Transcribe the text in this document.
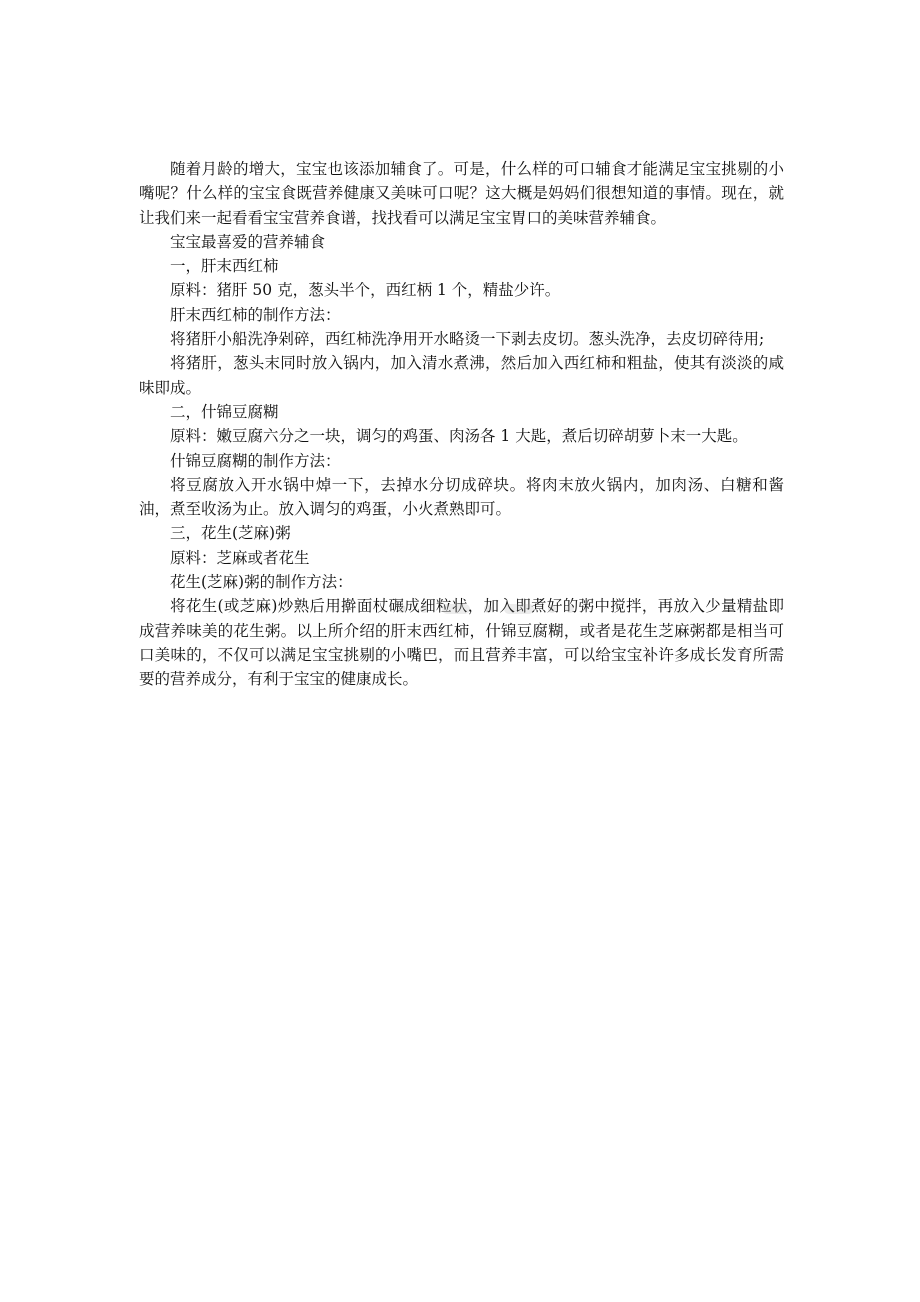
随着月龄的增大，宝宝也该添加辅食了。可是，什么样的可口辅食才能满足宝宝挑剔的小嘴呢？什么样的宝宝食既营养健康又美味可口呢？这大概是妈妈们很想知道的事情。现在，就让我们来一起看看宝宝营养食谱，找找看可以满足宝宝胃口的美味营养辅食。

宝宝最喜爱的营养辅食

一，肝末西红柿

原料：猪肝 50 克，葱头半个，西红柄 1 个，精盐少许。

肝末西红柿的制作方法：

将猪肝小船洗净剁碎，西红柿洗净用开水略烫一下剥去皮切。葱头洗净，去皮切碎待用;

将猪肝，葱头末同时放入锅内，加入清水煮沸，然后加入西红柿和粗盐，使其有淡淡的咸味即成。

二，什锦豆腐糊

原料：嫩豆腐六分之一块，调匀的鸡蛋、肉汤各 1 大匙，煮后切碎胡萝卜末一大匙。

什锦豆腐糊的制作方法：

将豆腐放入开水锅中焯一下，去掉水分切成碎块。将肉末放火锅内，加肉汤、白糖和酱油，煮至收汤为止。放入调匀的鸡蛋，小火煮熟即可。

三，花生(芝麻)粥

原料：芝麻或者花生

花生(芝麻)粥的制作方法：

将花生(或芝麻)炒熟后用擀面杖碾成细粒状，加入即煮好的粥中搅拌，再放入少量精盐即成营养味美的花生粥。以上所介绍的肝末西红柿，什锦豆腐糊，或者是花生芝麻粥都是相当可口美味的，不仅可以满足宝宝挑剔的小嘴巴，而且营养丰富，可以给宝宝补许多成长发育所需要的营养成分，有利于宝宝的健康成长。
